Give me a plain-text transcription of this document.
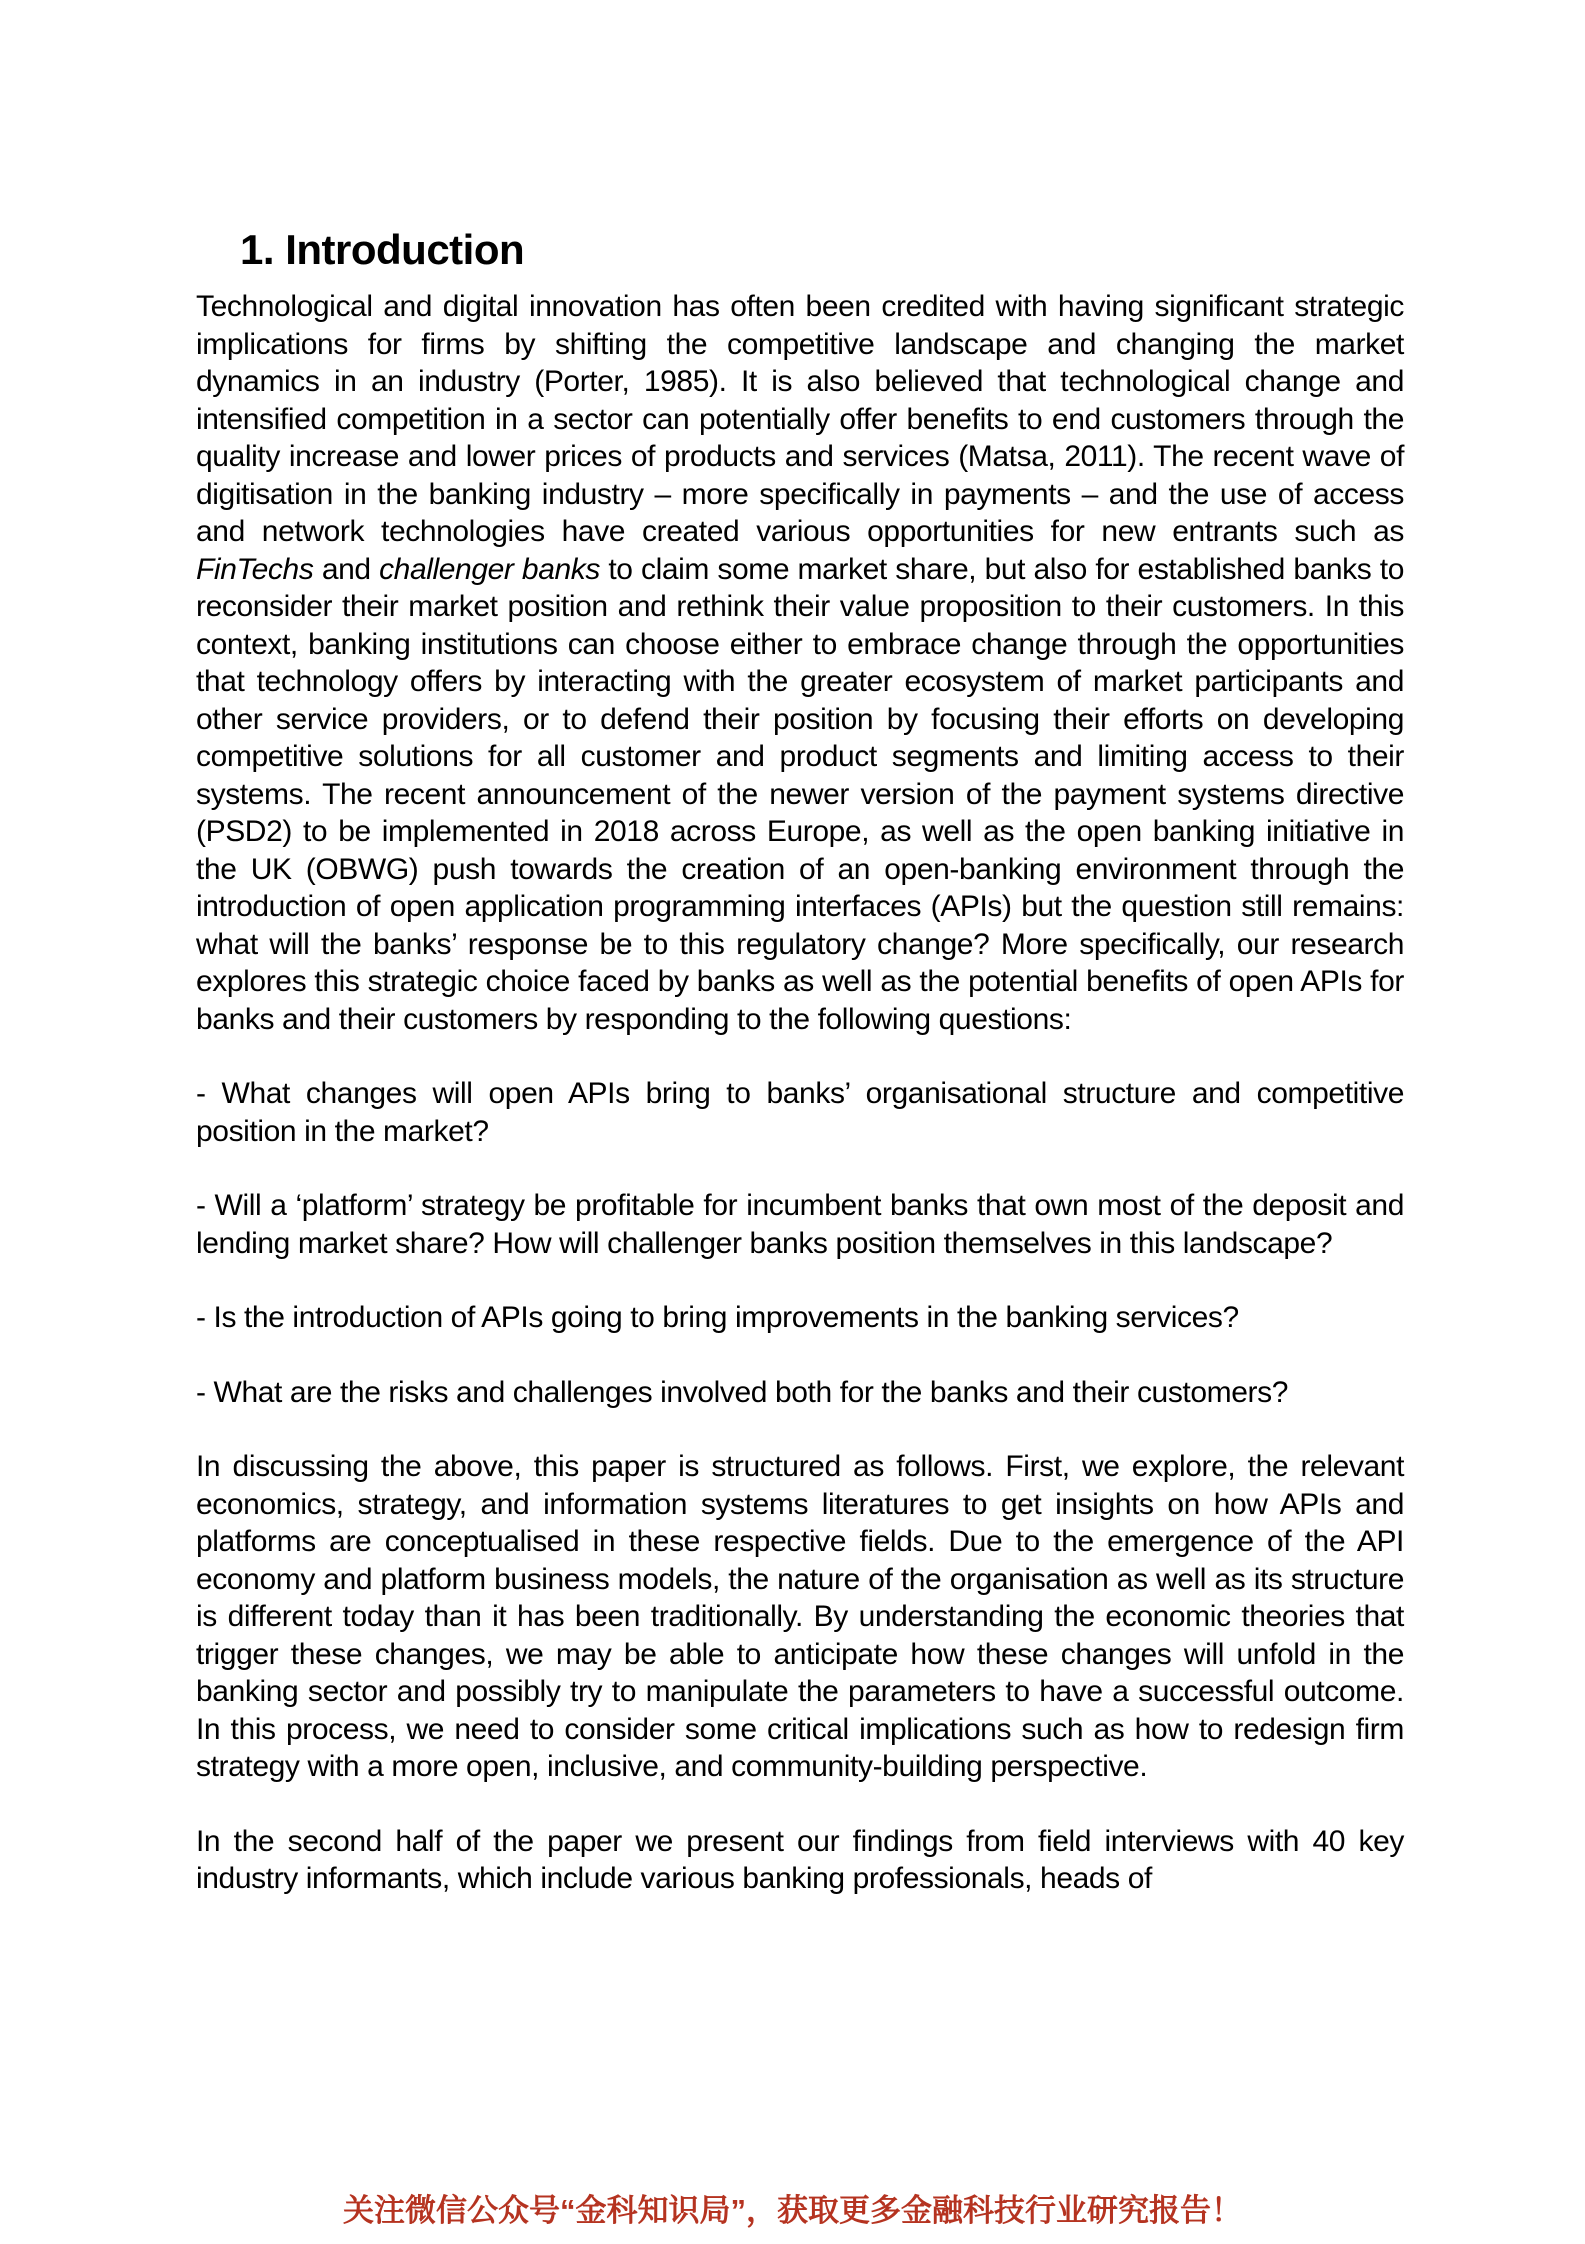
1. Introduction

Technological and digital innovation has often been credited with having significant strategic implications for firms by shifting the competitive landscape and changing the market dynamics in an industry (Porter, 1985). It is also believed that technological change and intensified competition in a sector can potentially offer benefits to end customers through the quality increase and lower prices of products and services (Matsa, 2011). The recent wave of digitisation in the banking industry – more specifically in payments – and the use of access and network technologies have created various opportunities for new entrants such as FinTechs and challenger banks to claim some market share, but also for established banks to reconsider their market position and rethink their value proposition to their customers. In this context, banking institutions can choose either to embrace change through the opportunities that technology offers by interacting with the greater ecosystem of market participants and other service providers, or to defend their position by focusing their efforts on developing competitive solutions for all customer and product segments and limiting access to their systems. The recent announcement of the newer version of the payment systems directive (PSD2) to be implemented in 2018 across Europe, as well as the open banking initiative in the UK (OBWG) push towards the creation of an open-banking environment through the introduction of open application programming interfaces (APIs) but the question still remains: what will the banks’ response be to this regulatory change? More specifically, our research explores this strategic choice faced by banks as well as the potential benefits of open APIs for banks and their customers by responding to the following questions:

- What changes will open APIs bring to banks’ organisational structure and competitive position in the market?

- Will a ‘platform’ strategy be profitable for incumbent banks that own most of the deposit and lending market share? How will challenger banks position themselves in this landscape?

- Is the introduction of APIs going to bring improvements in the banking services?

- What are the risks and challenges involved both for the banks and their customers?

In discussing the above, this paper is structured as follows. First, we explore, the relevant economics, strategy, and information systems literatures to get insights on how APIs and platforms are conceptualised in these respective fields. Due to the emergence of the API economy and platform business models, the nature of the organisation as well as its structure is different today than it has been traditionally. By understanding the economic theories that trigger these changes, we may be able to anticipate how these changes will unfold in the banking sector and possibly try to manipulate the parameters to have a successful outcome. In this process, we need to consider some critical implications such as how to redesign firm strategy with a more open, inclusive, and community-building perspective.

In the second half of the paper we present our findings from field interviews with 40 key industry informants, which include various banking professionals, heads of

关注微信公众号“金科知识局”，获取更多金融科技行业研究报告！
